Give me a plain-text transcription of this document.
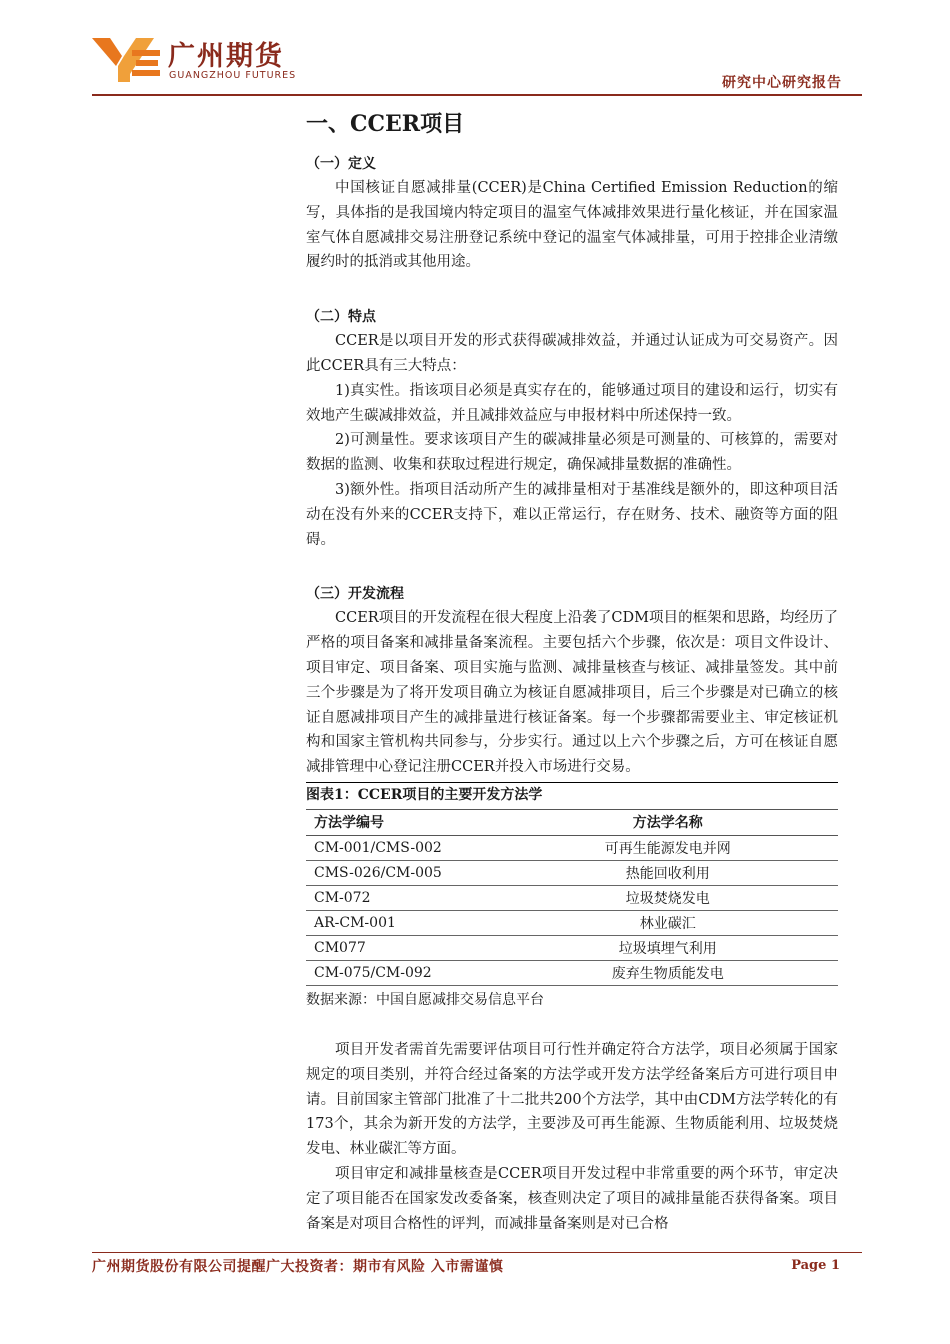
广州期货
GUANGZHOU FUTURES	研究中心研究报告
一、CCER项目
（一）定义

中国核证自愿减排量(CCER)是China Certified Emission Reduction的缩写，具体指的是我国境内特定项目的温室气体减排效果进行量化核证，并在国家温室气体自愿减排交易注册登记系统中登记的温室气体减排量，可用于控排企业清缴履约时的抵消或其他用途。

（二）特点

CCER是以项目开发的形式获得碳减排效益，并通过认证成为可交易资产。因此CCER具有三大特点：

1)真实性。指该项目必须是真实存在的，能够通过项目的建设和运行，切实有效地产生碳减排效益，并且减排效益应与申报材料中所述保持一致。

2)可测量性。要求该项目产生的碳减排量必须是可测量的、可核算的，需要对数据的监测、收集和获取过程进行规定，确保减排量数据的准确性。

3)额外性。指项目活动所产生的减排量相对于基准线是额外的，即这种项目活动在没有外来的CCER支持下，难以正常运行，存在财务、技术、融资等方面的阻碍。

（三）开发流程

CCER项目的开发流程在很大程度上沿袭了CDM项目的框架和思路，均经历了严格的项目备案和减排量备案流程。主要包括六个步骤，依次是：项目文件设计、项目审定、项目备案、项目实施与监测、减排量核查与核证、减排量签发。其中前三个步骤是为了将开发项目确立为核证自愿减排项目，后三个步骤是对已确立的核证自愿减排项目产生的减排量进行核证备案。每一个步骤都需要业主、审定核证机构和国家主管机构共同参与，分步实行。通过以上六个步骤之后，方可在核证自愿减排管理中心登记注册CCER并投入市场进行交易。

图表1：CCER项目的主要开发方法学
方法学编号	方法学名称
CM-001/CMS-002	可再生能源发电并网
CMS-026/CM-005	热能回收利用
CM-072	垃圾焚烧发电
AR-CM-001	林业碳汇
CM077	垃圾填埋气利用
CM-075/CM-092	废弃生物质能发电
数据来源：中国自愿减排交易信息平台

项目开发者需首先需要评估项目可行性并确定符合方法学，项目必须属于国家规定的项目类别，并符合经过备案的方法学或开发方法学经备案后方可进行项目申请。目前国家主管部门批准了十二批共200个方法学，其中由CDM方法学转化的有173个，其余为新开发的方法学，主要涉及可再生能源、生物质能利用、垃圾焚烧发电、林业碳汇等方面。

项目审定和减排量核查是CCER项目开发过程中非常重要的两个环节，审定决定了项目能否在国家发改委备案，核查则决定了项目的减排量能否获得备案。项目备案是对项目合格性的评判，而减排量备案则是对已合格

广州期货股份有限公司提醒广大投资者：期市有风险 入市需谨慎	Page 1
